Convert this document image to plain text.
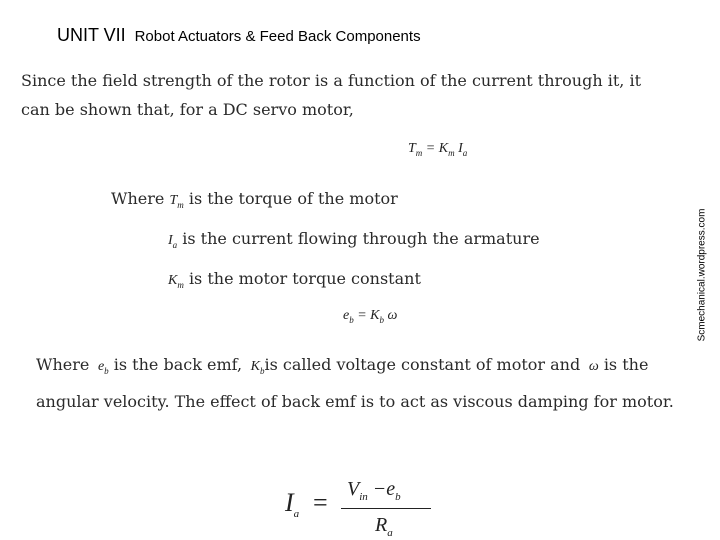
UNIT VII Robot Actuators & Feed Back Components
Scmechanical.wordpress.com

Since the field strength of the rotor is a function of the current through it, it

can be shown that, for a DC servo motor,

$T_m = K_m$ $I_a$
Where $T_m$ is the torque of the motor
$I_a$ is the current flowing through the armature
$K_m$ is the motor torque constant
$e_b = K_b$ ω
Where  $e_b$ is the back emf,  $K_bis$ called voltage constant of motor and  ω is the

angular velocity. The effect of back emf is to act as viscous damping for motor.

$I_a = V_{in} -e_b$
$R_a$
